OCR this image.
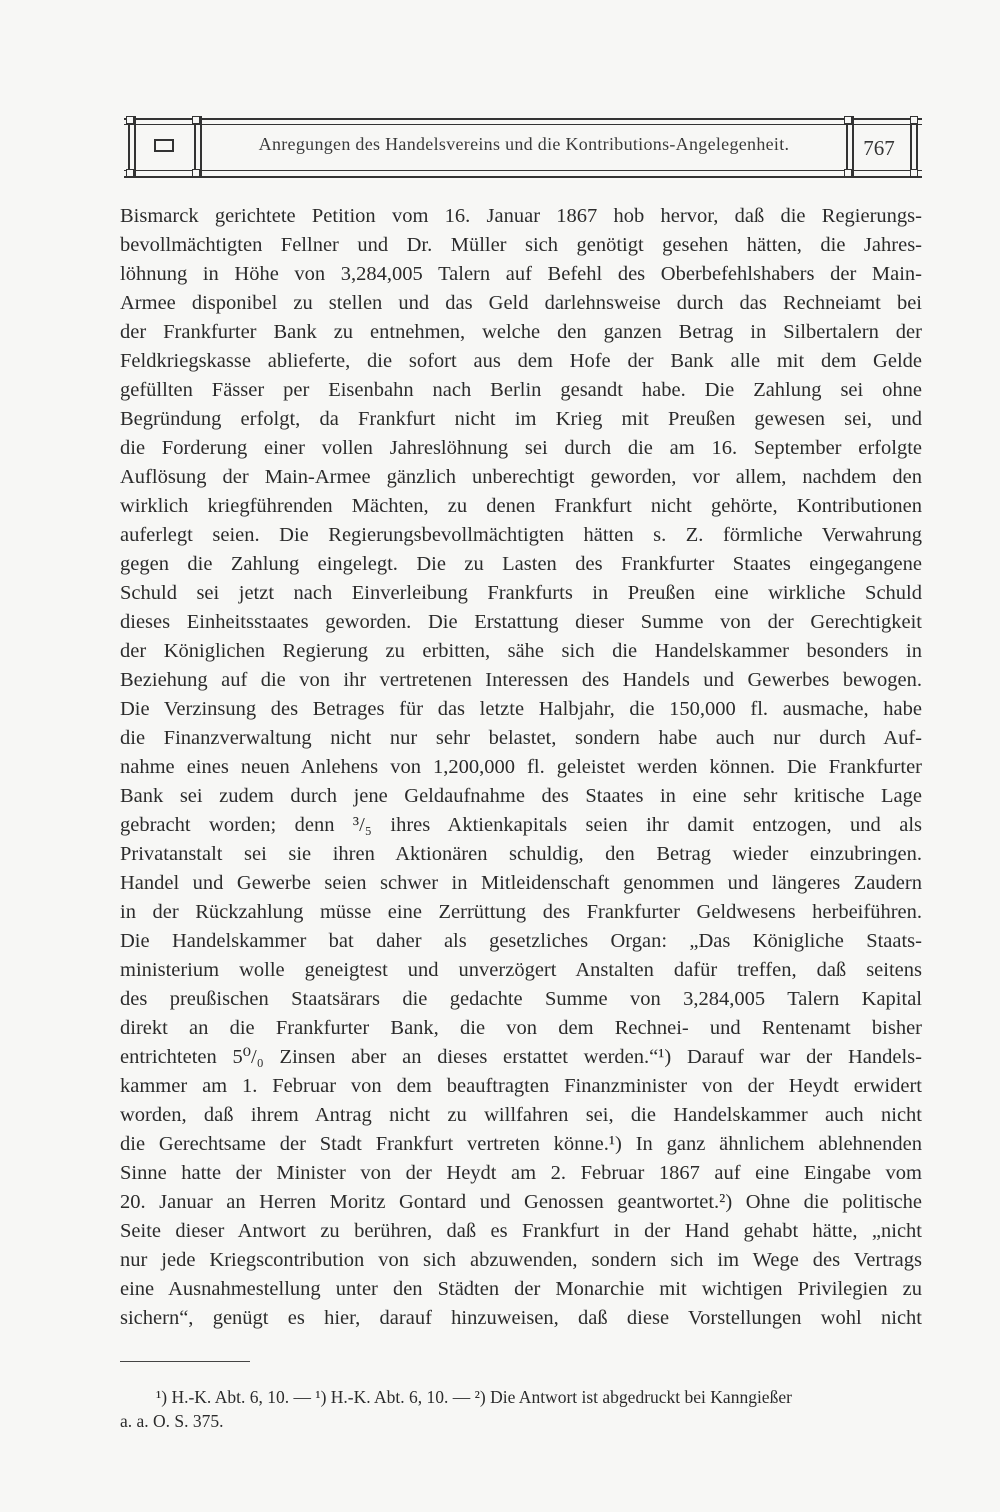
Anregungen des Handelsvereins und die Kontributions-Angelegenheit.	767
Bismarck gerichtete Petition vom 16. Januar 1867 hob hervor, daß die Regierungs-
bevollmächtigten Fellner und Dr. Müller sich genötigt gesehen hätten, die Jahres-
löhnung in Höhe von 3,284,005 Talern auf Befehl des Oberbefehlshabers der Main-
Armee disponibel zu stellen und das Geld darlehnsweise durch das Rechneiamt bei
der Frankfurter Bank zu entnehmen, welche den ganzen Betrag in Silbertalern der
Feldkriegskasse ablieferte, die sofort aus dem Hofe der Bank alle mit dem Gelde
gefüllten Fässer per Eisenbahn nach Berlin gesandt habe. Die Zahlung sei ohne
Begründung erfolgt, da Frankfurt nicht im Krieg mit Preußen gewesen sei, und
die Forderung einer vollen Jahreslöhnung sei durch die am 16. September erfolgte
Auflösung der Main-Armee gänzlich unberechtigt geworden, vor allem, nachdem den
wirklich kriegführenden Mächten, zu denen Frankfurt nicht gehörte, Kontributionen
auferlegt seien. Die Regierungsbevollmächtigten hätten s. Z. förmliche Verwahrung
gegen die Zahlung eingelegt. Die zu Lasten des Frankfurter Staates eingegangene
Schuld sei jetzt nach Einverleibung Frankfurts in Preußen eine wirkliche Schuld
dieses Einheitsstaates geworden. Die Erstattung dieser Summe von der Gerechtigkeit
der Königlichen Regierung zu erbitten, sähe sich die Handelskammer besonders in
Beziehung auf die von ihr vertretenen Interessen des Handels und Gewerbes bewogen.
Die Verzinsung des Betrages für das letzte Halbjahr, die 150,000 fl. ausmache, habe
die Finanzverwaltung nicht nur sehr belastet, sondern habe auch nur durch Auf-
nahme eines neuen Anlehens von 1,200,000 fl. geleistet werden können. Die Frankfurter
Bank sei zudem durch jene Geldaufnahme des Staates in eine sehr kritische Lage
gebracht worden; denn ³/₅ ihres Aktienkapitals seien ihr damit entzogen, und als
Privatanstalt sei sie ihren Aktionären schuldig, den Betrag wieder einzubringen.
Handel und Gewerbe seien schwer in Mitleidenschaft genommen und längeres Zaudern
in der Rückzahlung müsse eine Zerrüttung des Frankfurter Geldwesens herbeiführen.
Die Handelskammer bat daher als gesetzliches Organ: „Das Königliche Staats-
ministerium wolle geneigtest und unverzögert Anstalten dafür treffen, daß seitens
des preußischen Staatsärars die gedachte Summe von 3,284,005 Talern Kapital
direkt an die Frankfurter Bank, die von dem Rechnei- und Rentenamt bisher
entrichteten 5⁰/₀ Zinsen aber an dieses erstattet werden.“¹) Darauf war der Handels-
kammer am 1. Februar von dem beauftragten Finanzminister von der Heydt erwidert
worden, daß ihrem Antrag nicht zu willfahren sei, die Handelskammer auch nicht
die Gerechtsame der Stadt Frankfurt vertreten könne.¹) In ganz ähnlichem ablehnenden
Sinne hatte der Minister von der Heydt am 2. Februar 1867 auf eine Eingabe vom
20. Januar an Herren Moritz Gontard und Genossen geantwortet.²) Ohne die politische
Seite dieser Antwort zu berühren, daß es Frankfurt in der Hand gehabt hätte, „nicht
nur jede Kriegscontribution von sich abzuwenden, sondern sich im Wege des Vertrags
eine Ausnahmestellung unter den Städten der Monarchie mit wichtigen Privilegien zu
sichern“, genügt es hier, darauf hinzuweisen, daß diese Vorstellungen wohl nicht
¹) H.-K. Abt. 6, 10. — ¹) H.-K. Abt. 6, 10. — ²) Die Antwort ist abgedruckt bei Kanngießer
a. a. O. S. 375.
